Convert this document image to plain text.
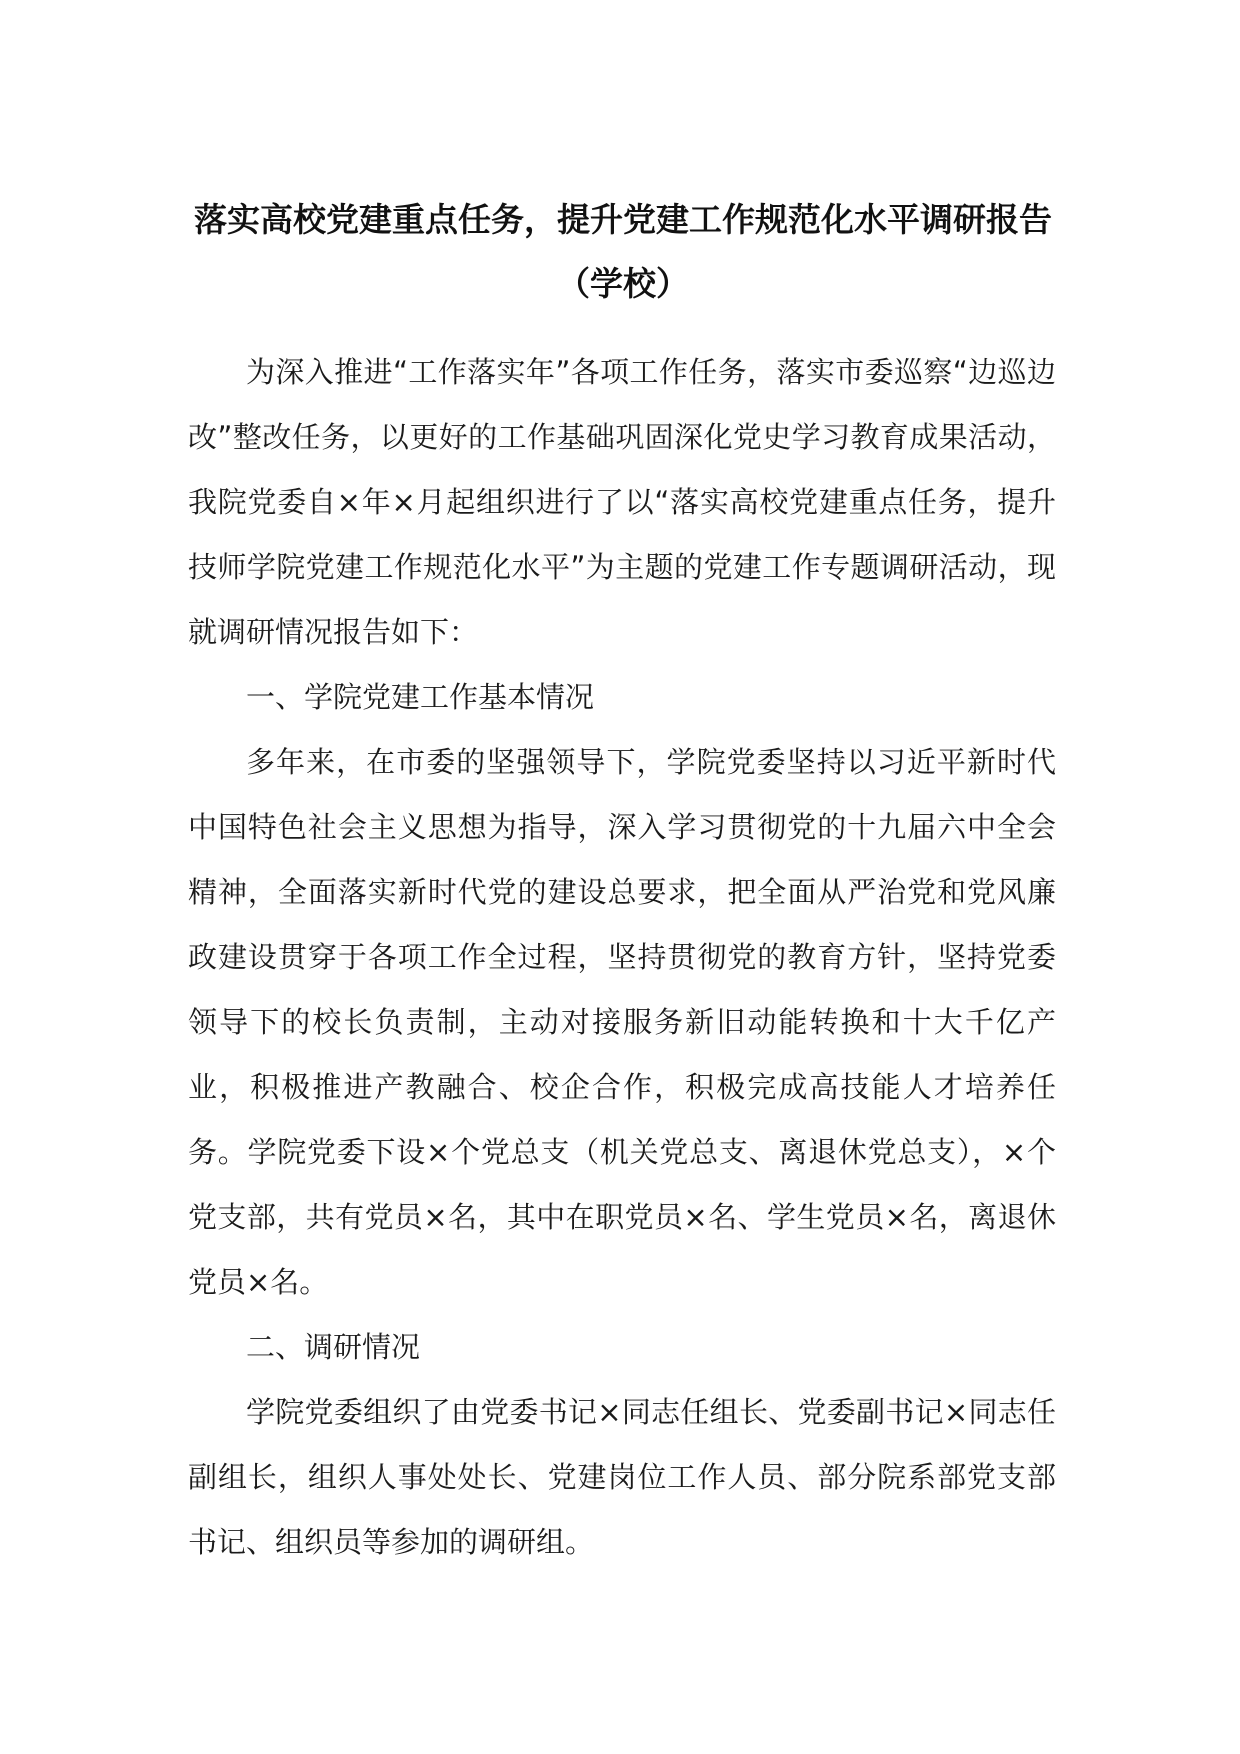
落实高校党建重点任务，提升党建工作规范化水平调研报告（学校）

为深入推进“工作落实年”各项工作任务，落实市委巡察“边巡边改”整改任务，以更好的工作基础巩固深化党史学习教育成果活动，我院党委自×年×月起组织进行了以“落实高校党建重点任务，提升技师学院党建工作规范化水平”为主题的党建工作专题调研活动，现就调研情况报告如下：

一、学院党建工作基本情况

多年来，在市委的坚强领导下，学院党委坚持以习近平新时代中国特色社会主义思想为指导，深入学习贯彻党的十九届六中全会精神，全面落实新时代党的建设总要求，把全面从严治党和党风廉政建设贯穿于各项工作全过程，坚持贯彻党的教育方针，坚持党委领导下的校长负责制，主动对接服务新旧动能转换和十大千亿产业，积极推进产教融合、校企合作，积极完成高技能人才培养任务。学院党委下设×个党总支（机关党总支、离退休党总支），×个党支部，共有党员×名，其中在职党员×名、学生党员×名，离退休党员×名。

二、调研情况

学院党委组织了由党委书记×同志任组长、党委副书记×同志任副组长，组织人事处处长、党建岗位工作人员、部分院系部党支部书记、组织员等参加的调研组。
